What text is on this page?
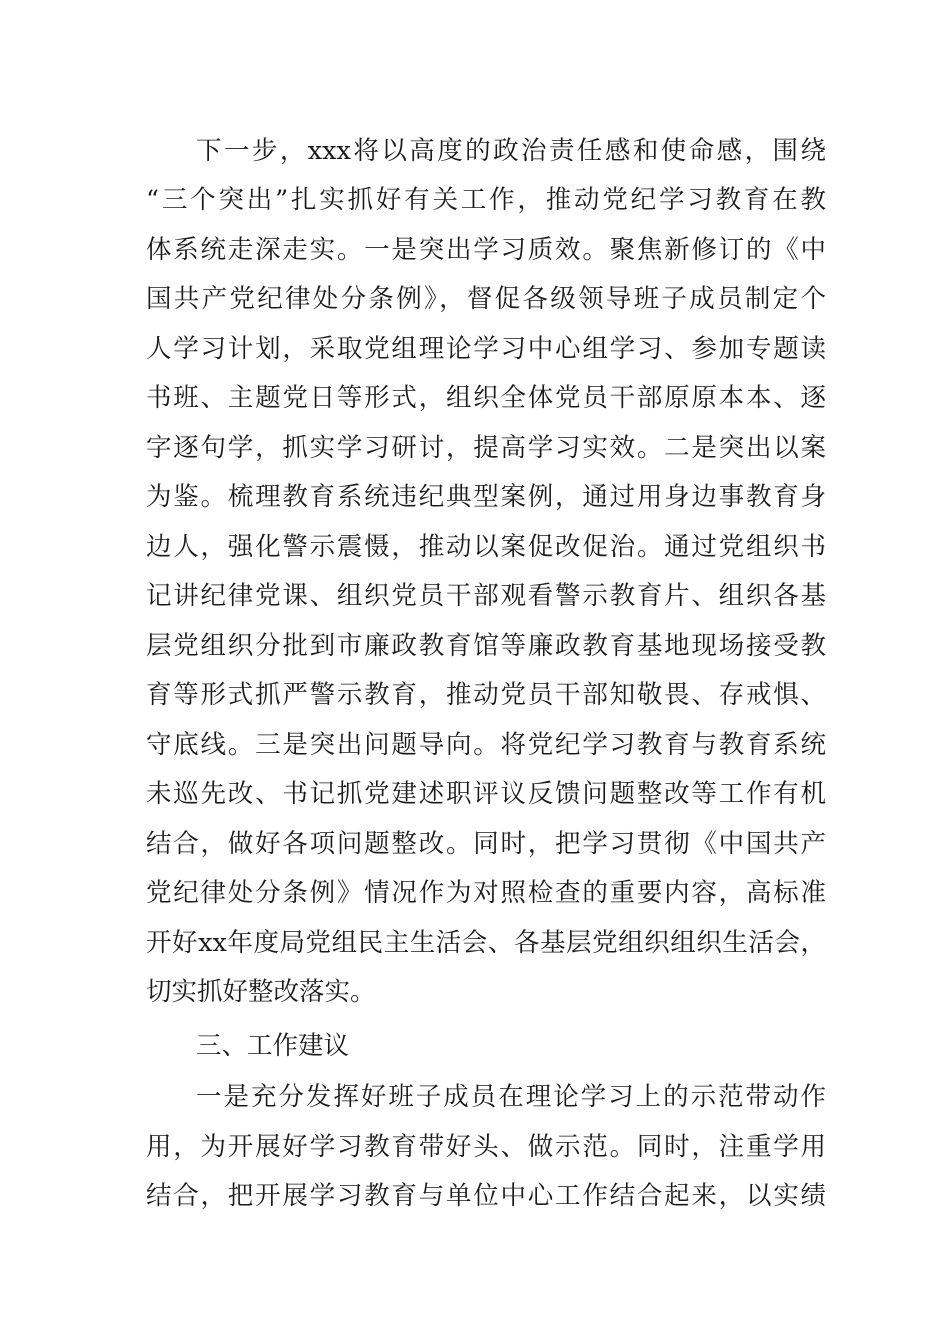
下一步，xxx将以高度的政治责任感和使命感，围绕
“三个突出”扎实抓好有关工作，推动党纪学习教育在教
体系统走深走实。一是突出学习质效。聚焦新修订的《中
国共产党纪律处分条例》，督促各级领导班子成员制定个
人学习计划，采取党组理论学习中心组学习、参加专题读
书班、主题党日等形式，组织全体党员干部原原本本、逐
字逐句学，抓实学习研讨，提高学习实效。二是突出以案
为鉴。梳理教育系统违纪典型案例，通过用身边事教育身
边人，强化警示震慑，推动以案促改促治。通过党组织书
记讲纪律党课、组织党员干部观看警示教育片、组织各基
层党组织分批到市廉政教育馆等廉政教育基地现场接受教
育等形式抓严警示教育，推动党员干部知敬畏、存戒惧、
守底线。三是突出问题导向。将党纪学习教育与教育系统
未巡先改、书记抓党建述职评议反馈问题整改等工作有机
结合，做好各项问题整改。同时，把学习贯彻《中国共产
党纪律处分条例》情况作为对照检查的重要内容，高标准
开好xx年度局党组民主生活会、各基层党组织组织生活会，
切实抓好整改落实。
三、工作建议
一是充分发挥好班子成员在理论学习上的示范带动作
用，为开展好学习教育带好头、做示范。同时，注重学用
结合，把开展学习教育与单位中心工作结合起来，以实绩
